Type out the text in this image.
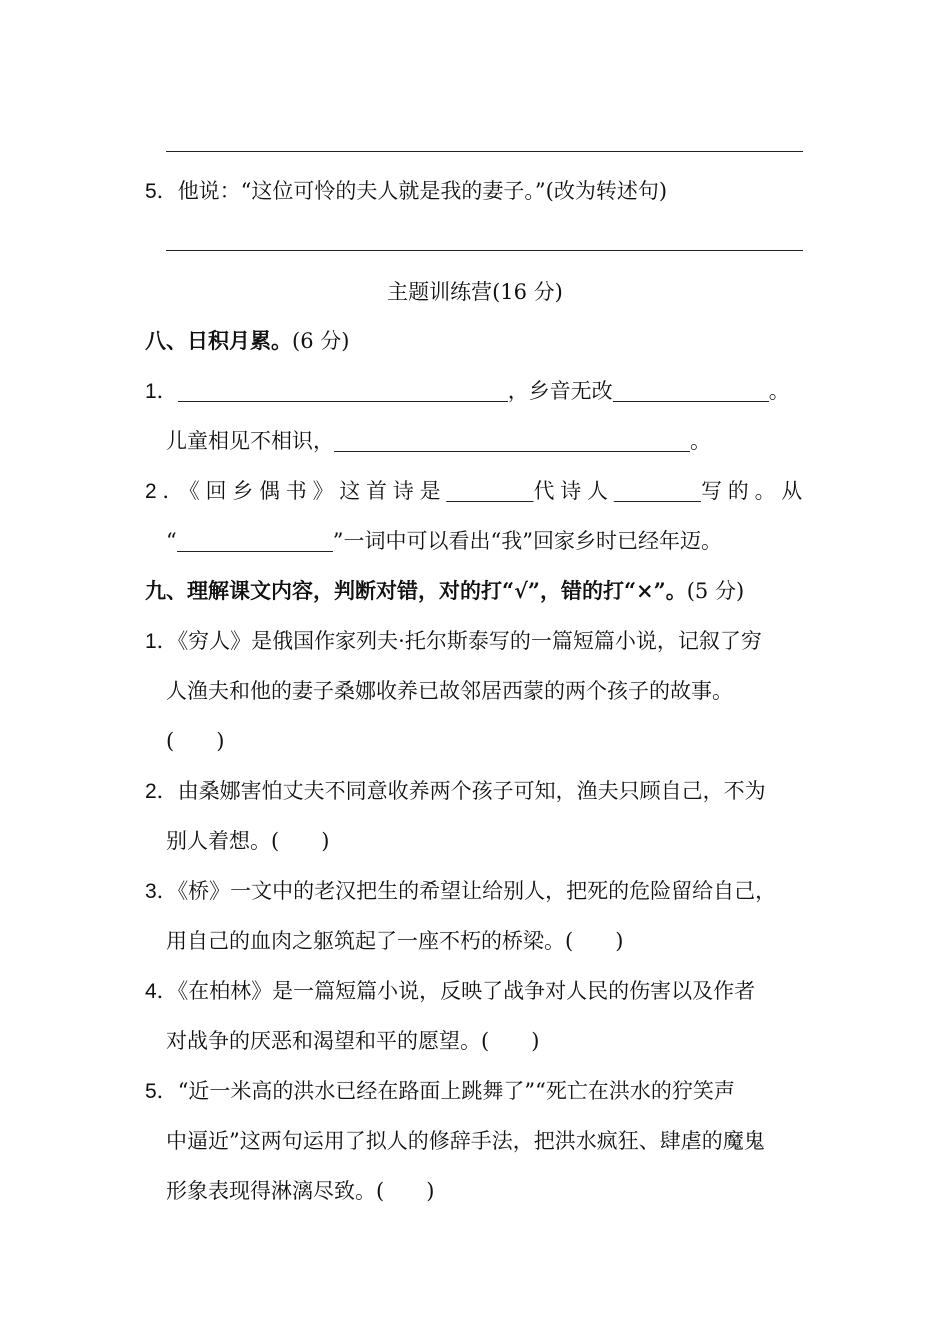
5．他说：“这位可怜的夫人就是我的妻子。”(改为转述句)
主题训练营(16 分)
八、日积月累。(6 分)
1．	，乡音无改	。
儿童相见不相识，	。
2．《回乡偶书》这首诗是	代诗人	写的。从
“	”一词中可以看出“我”回家乡时已经年迈。
九、理解课文内容，判断对错，对的打“√”，错的打“×”。(5 分)
1．《穷人》是俄国作家列夫·托尔斯泰写的一篇短篇小说，记叙了穷
人渔夫和他的妻子桑娜收养已故邻居西蒙的两个孩子的故事。
(　　)
2．由桑娜害怕丈夫不同意收养两个孩子可知，渔夫只顾自己，不为
别人着想。(　　)
3．《桥》一文中的老汉把生的希望让给别人，把死的危险留给自己，
用自己的血肉之躯筑起了一座不朽的桥梁。(　　)
4．《在柏林》是一篇短篇小说，反映了战争对人民的伤害以及作者
对战争的厌恶和渴望和平的愿望。(　　)
5．“近一米高的洪水已经在路面上跳舞了”“死亡在洪水的狞笑声
中逼近”这两句运用了拟人的修辞手法，把洪水疯狂、肆虐的魔鬼
形象表现得淋漓尽致。(　　)
